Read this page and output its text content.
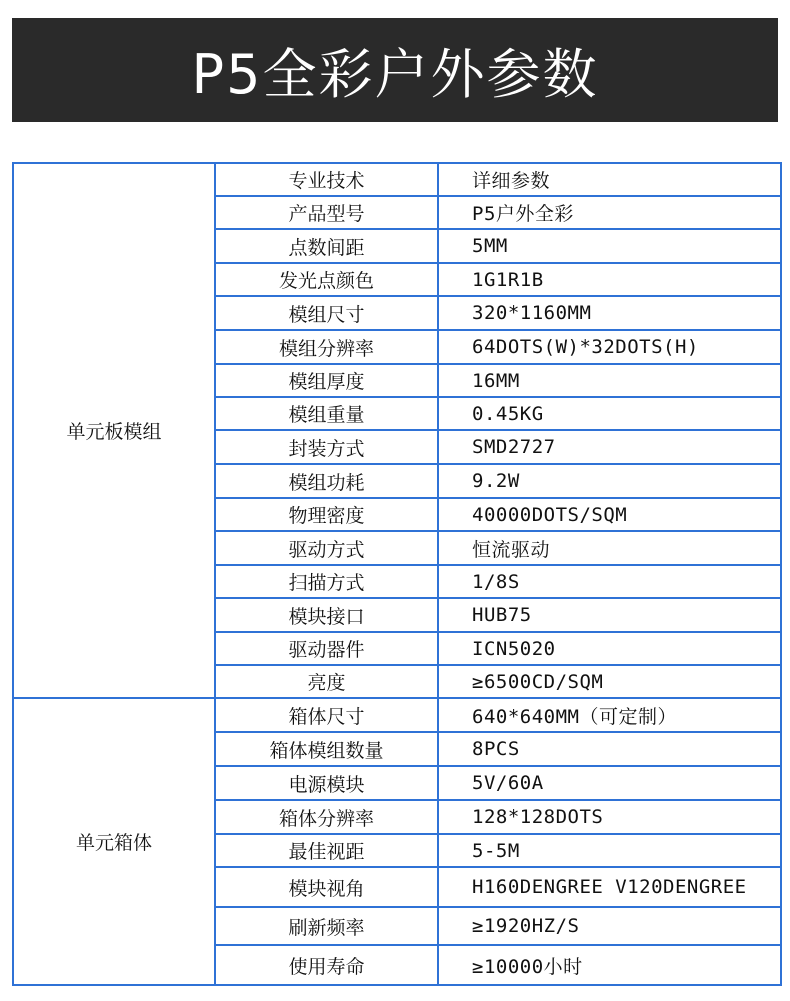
P5全彩户外参数
单元板模组	专业技术	详细参数
	产品型号	P5户外全彩
	点数间距	5MM
	发光点颜色	1G1R1B
	模组尺寸	320*1160MM
	模组分辨率	64DOTS(W)*32DOTS(H)
	模组厚度	16MM
	模组重量	0.45KG
	封装方式	SMD2727
	模组功耗	9.2W
	物理密度	40000DOTS/SQM
	驱动方式	恒流驱动
	扫描方式	1/8S
	模块接口	HUB75
	驱动器件	ICN5020
	亮度	≥6500CD/SQM
单元箱体	箱体尺寸	640*640MM（可定制）
	箱体模组数量	8PCS
	电源模块	5V/60A
	箱体分辨率	128*128DOTS
	最佳视距	5-5M
	模块视角	H160DENGREE V120DENGREE
	刷新频率	≥1920HZ/S
	使用寿命	≥10000小时
